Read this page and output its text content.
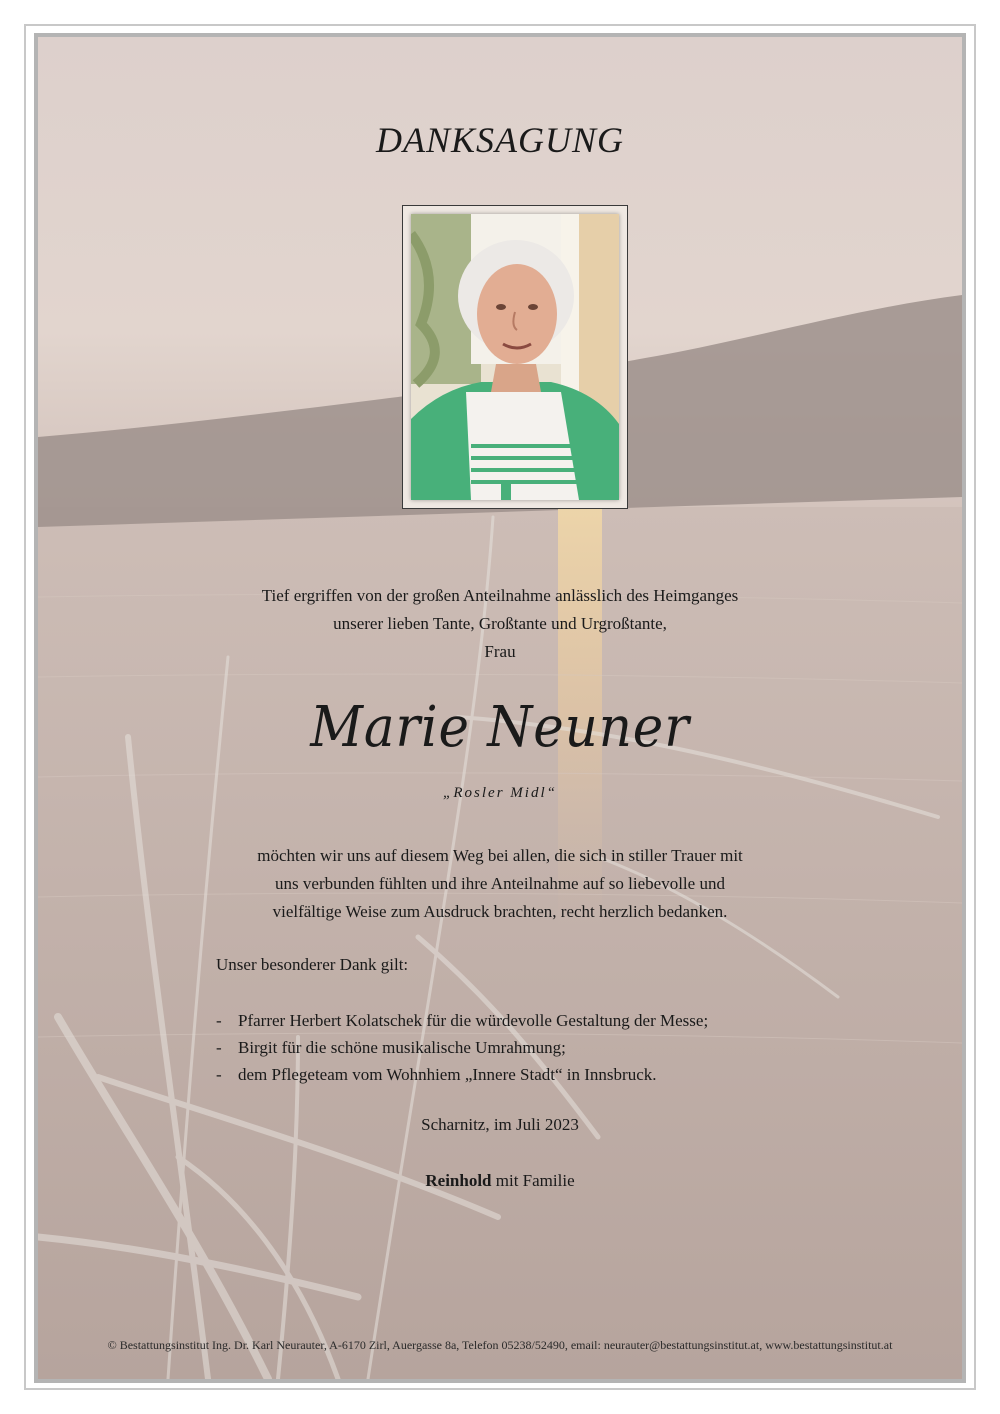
DANKSAGUNG
Tief ergriffen von der großen Anteilnahme anlässlich des Heimganges
unserer lieben Tante, Großtante und Urgroßtante,
Frau
Marie Neuner
„Rosler Midl“
möchten wir uns auf diesem Weg bei allen, die sich in stiller Trauer mit
uns verbunden fühlten und ihre Anteilnahme auf so liebevolle und
vielfältige Weise zum Ausdruck brachten, recht herzlich bedanken.
Unser besonderer Dank gilt:
- Pfarrer Herbert Kolatschek für die würdevolle Gestaltung der Messe;
- Birgit für die schöne musikalische Umrahmung;
- dem Pflegeteam vom Wohnhiem „Innere Stadt“ in Innsbruck.
Scharnitz, im Juli 2023
Reinhold mit Familie
© Bestattungsinstitut Ing. Dr. Karl Neurauter, A-6170 Zirl, Auergasse 8a, Telefon 05238/52490, email: neurauter@bestattungsinstitut.at, www.bestattungsinstitut.at
